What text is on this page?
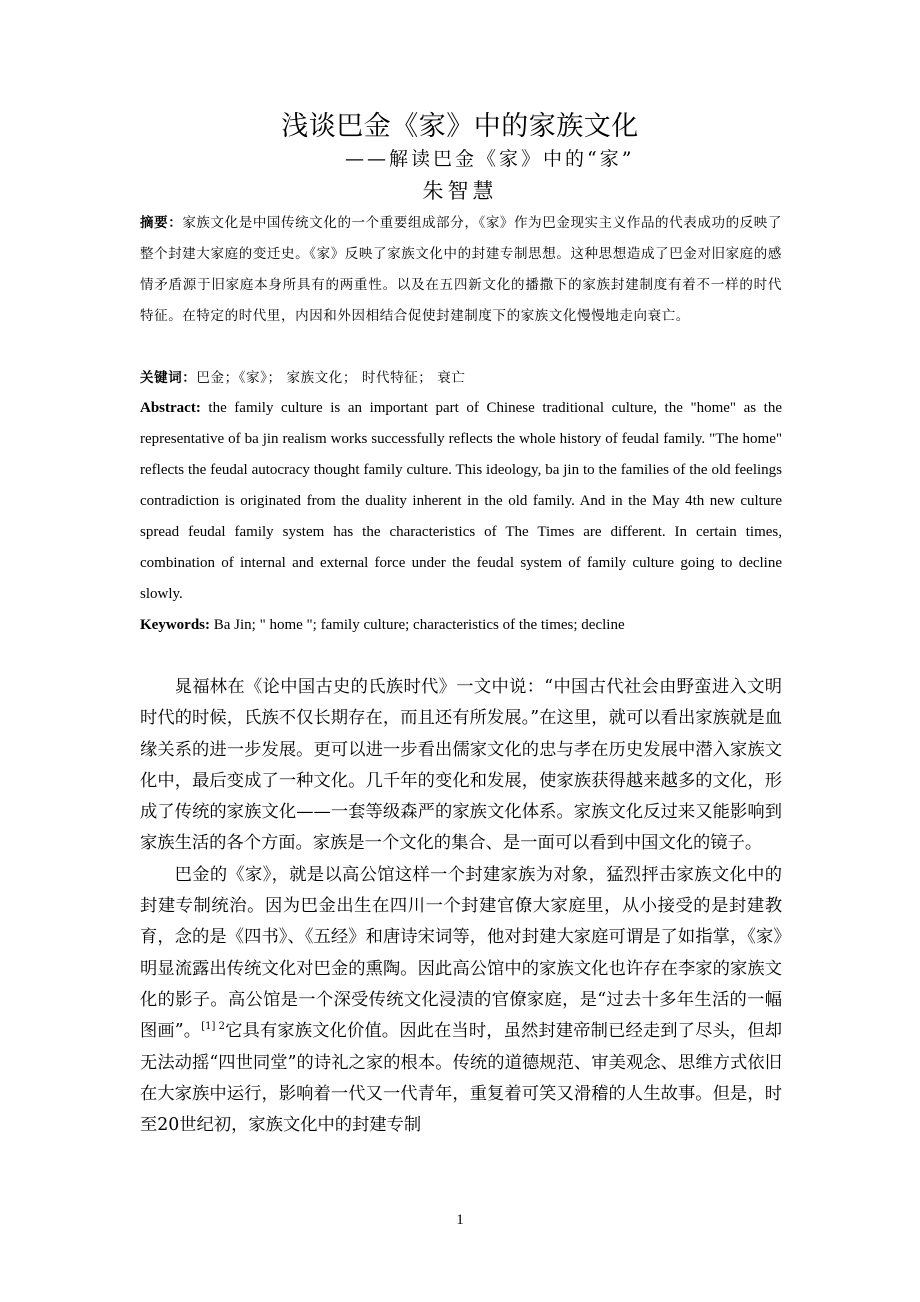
浅谈巴金《家》中的家族文化
——解读巴金《家》中的“家”
朱智慧
摘要：家族文化是中国传统文化的一个重要组成部分，《家》作为巴金现实主义作品的代表成功的反映了整个封建大家庭的变迁史。《家》反映了家族文化中的封建专制思想。这种思想造成了巴金对旧家庭的感情矛盾源于旧家庭本身所具有的两重性。以及在五四新文化的播撒下的家族封建制度有着不一样的时代特征。在特定的时代里，内因和外因相结合促使封建制度下的家族文化慢慢地走向衰亡。
关键词：巴金；《家》； 家族文化； 时代特征； 衰亡
Abstract: the family culture is an important part of Chinese traditional culture, the "home" as the representative of ba jin realism works successfully reflects the whole history of feudal family. "The home" reflects the feudal autocracy thought family culture. This ideology, ba jin to the families of the old feelings contradiction is originated from the duality inherent in the old family. And in the May 4th new culture spread feudal family system has the characteristics of The Times are different. In certain times, combination of internal and external force under the feudal system of family culture going to decline slowly.
Keywords: Ba Jin; " home "; family culture; characteristics of the times; decline

晁福林在《论中国古史的氏族时代》一文中说：“中国古代社会由野蛮进入文明时代的时候，氏族不仅长期存在，而且还有所发展。”在这里，就可以看出家族就是血缘关系的进一步发展。更可以进一步看出儒家文化的忠与孝在历史发展中潜入家族文化中，最后变成了一种文化。几千年的变化和发展，使家族获得越来越多的文化，形成了传统的家族文化——一套等级森严的家族文化体系。家族文化反过来又能影响到家族生活的各个方面。家族是一个文化的集合、是一面可以看到中国文化的镜子。

巴金的《家》，就是以高公馆这样一个封建家族为对象，猛烈抨击家族文化中的封建专制统治。因为巴金出生在四川一个封建官僚大家庭里，从小接受的是封建教育，念的是《四书》、《五经》和唐诗宋词等，他对封建大家庭可谓是了如指掌，《家》明显流露出传统文化对巴金的熏陶。因此高公馆中的家族文化也许存在李家的家族文化的影子。高公馆是一个深受传统文化浸渍的官僚家庭，是“过去十多年生活的一幅图画”。$^{[1] 2}$它具有家族文化价值。因此在当时，虽然封建帝制已经走到了尽头，但却无法动摇“四世同堂”的诗礼之家的根本。传统的道德规范、审美观念、思维方式依旧在大家族中运行，影响着一代又一代青年，重复着可笑又滑稽的人生故事。但是，时至20世纪初，家族文化中的封建专制

1
